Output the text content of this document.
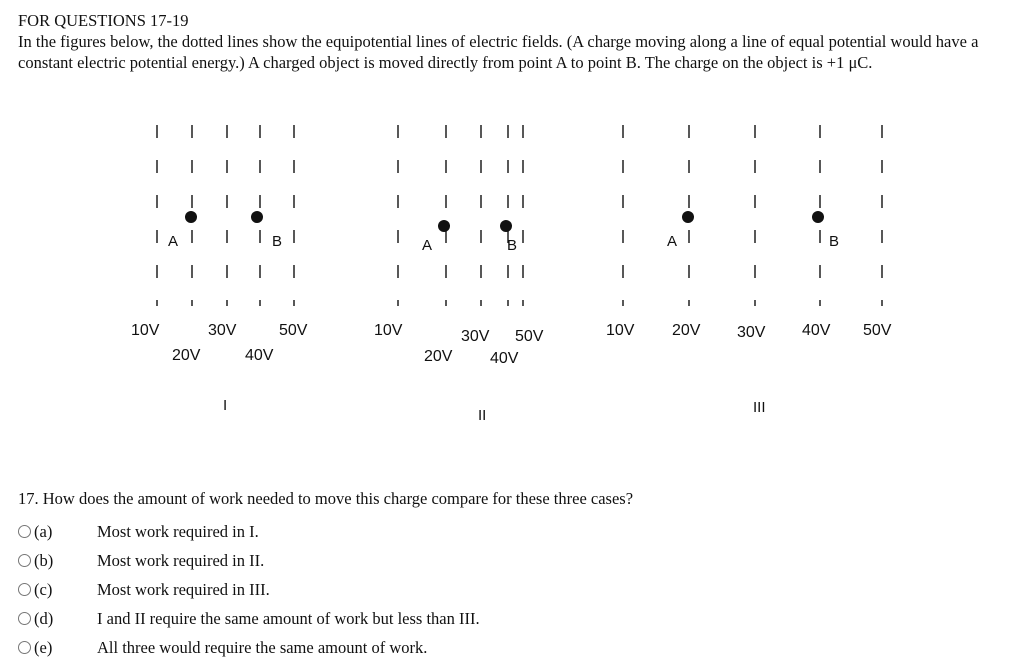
FOR QUESTIONS 17-19

In the figures below, the dotted lines show the equipotential lines of electric fields. (A charge moving along a line of equal potential would have a constant electric potential energy.) A charged object is moved directly from point A to point B. The charge on the object is +1 μC.

A	B
10V
20V
30V
40V
50V
I
A	B
10V
20V
30V
40V
50V
II
A	B
10V 20V 30V 40V 50V
III
17. How does the amount of work needed to move this charge compare for these three cases?
(a)	Most work required in I.
(b)	Most work required in II.
(c)	Most work required in III.
(d)	I and II require the same amount of work but less than III.
(e)	All three would require the same amount of work.
